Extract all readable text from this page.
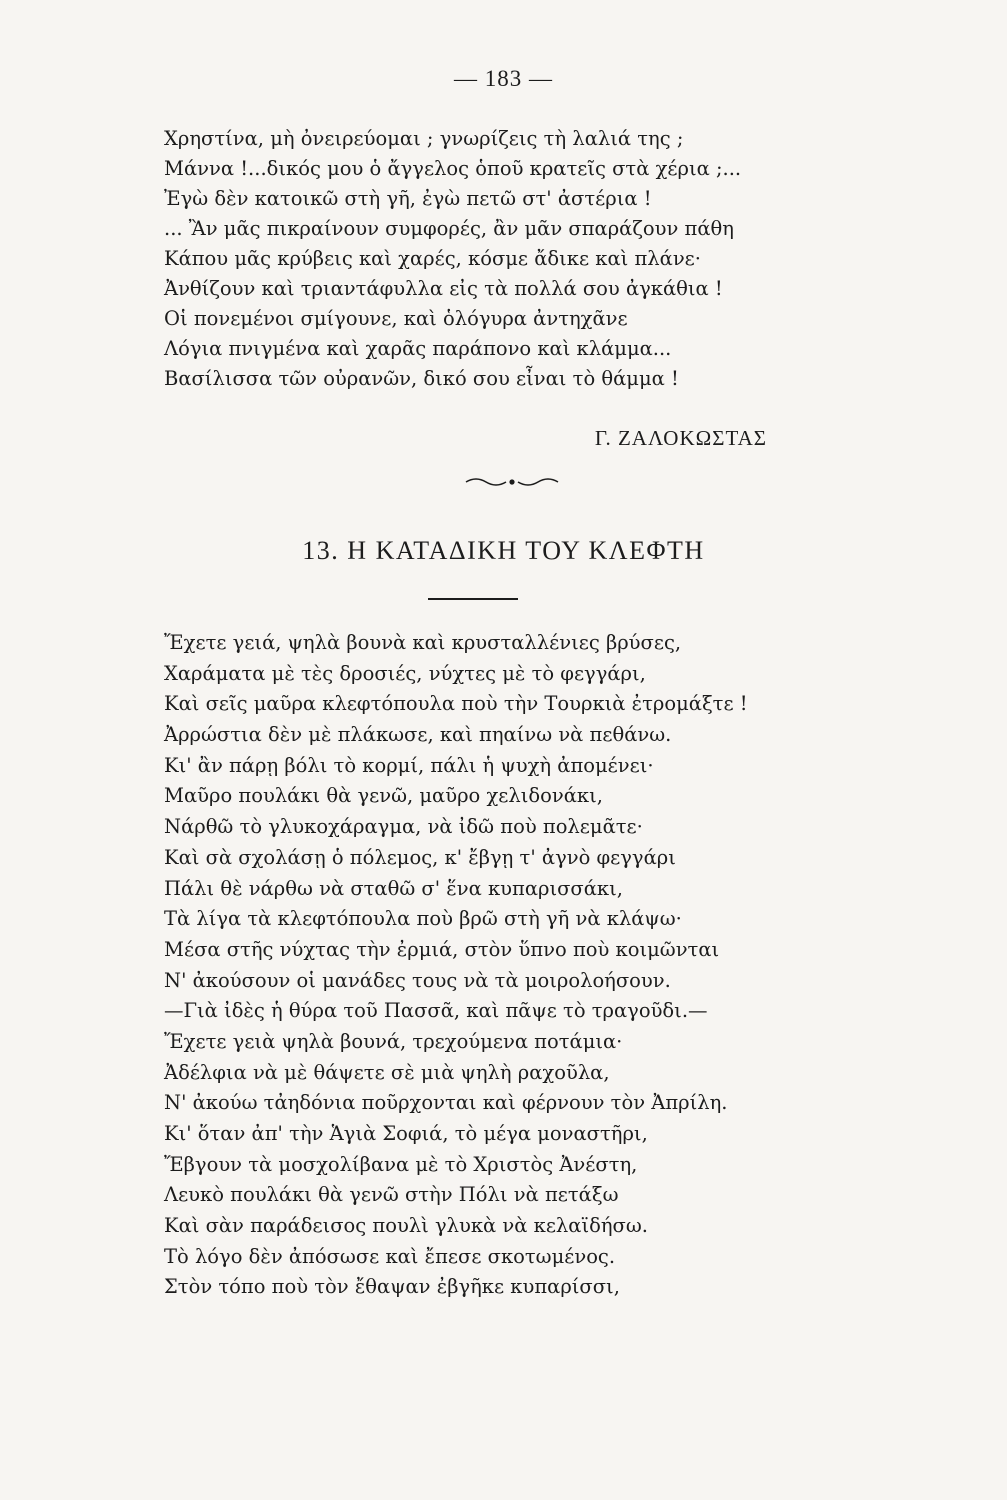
— 183 —
Χρηστίνα, μὴ ὀνειρεύομαι ; γνωρίζεις τὴ λαλιά της ;
Μάννα !...δικός μου ὁ ἄγγελος ὁποῦ κρατεῖς στὰ χέρια ;...
Ἐγὼ δὲν κατοικῶ στὴ γῆ, ἐγὼ πετῶ στ' ἀστέρια !
... Ἂν μᾶς πικραίνουν συμφορές, ἂν μᾶν σπαράζουν πάθη
Κάπου μᾶς κρύβεις καὶ χαρές, κόσμε ἄδικε καὶ πλάνε·
Ἀνθίζουν καὶ τριαντάφυλλα εἰς τὰ πολλά σου ἀγκάθια !
Οἱ πονεμένοι σμίγουνε, καὶ ὁλόγυρα ἀντηχᾶνε
Λόγια πνιγμένα καὶ χαρᾶς παράπονο καὶ κλάμμα...
Βασίλισσα τῶν οὐρανῶν, δικό σου εἶναι τὸ θάμμα !
Γ. ΖΑΛΟΚΩΣΤΑΣ
13. Η ΚΑΤΑΔΙΚΗ ΤΟΥ ΚΛΕΦΤΗ
Ἔχετε γειά, ψηλὰ βουνὰ καὶ κρυσταλλένιες βρύσες,
Χαράματα μὲ τὲς δροσιές, νύχτες μὲ τὸ φεγγάρι,
Καὶ σεῖς μαῦρα κλεφτόπουλα ποὺ τὴν Τουρκιὰ ἐτρομάξτε !
Ἀρρώστια δὲν μὲ πλάκωσε, καὶ πηαίνω νὰ πεθάνω.
Κι' ἂν πάρῃ βόλι τὸ κορμί, πάλι ἡ ψυχὴ ἀπομένει·
Μαῦρο πουλάκι θὰ γενῶ, μαῦρο χελιδονάκι,
Νάρθῶ τὸ γλυκοχάραγμα, νὰ ἰδῶ ποὺ πολεμᾶτε·
Καὶ σὰ σχολάσῃ ὁ πόλεμος, κ' ἔβγῃ τ' ἀγνὸ φεγγάρι
Πάλι θὲ νάρθω νὰ σταθῶ σ' ἕνα κυπαρισσάκι,
Τὰ λίγα τὰ κλεφτόπουλα ποὺ βρῶ στὴ γῆ νὰ κλάψω·
Μέσα στῆς νύχτας τὴν ἐρμιά, στὸν ὕπνο ποὺ κοιμῶνται
Ν' ἀκούσουν οἱ μανάδες τους νὰ τὰ μοιρολοήσουν.
—Γιὰ ἰδὲς ἡ θύρα τοῦ Πασσᾶ, καὶ πᾶψε τὸ τραγοῦδι.—
Ἔχετε γειὰ ψηλὰ βουνά, τρεχούμενα ποτάμια·
Ἀδέλφια νὰ μὲ θάψετε σὲ μιὰ ψηλὴ ραχοῦλα,
Ν' ἀκούω τἀηδόνια ποῦρχονται καὶ φέρνουν τὸν Ἀπρίλη.
Κι' ὅταν ἀπ' τὴν Ἁγιὰ Σοφιά, τὸ μέγα μοναστῆρι,
Ἔβγουν τὰ μοσχολίβανα μὲ τὸ Χριστὸς Ἀνέστη,
Λευκὸ πουλάκι θὰ γενῶ στὴν Πόλι νὰ πετάξω
Καὶ σὰν παράδεισος πουλὶ γλυκὰ νὰ κελαϊδήσω.
Τὸ λόγο δὲν ἀπόσωσε καὶ ἔπεσε σκοτωμένος.
Στὸν τόπο ποὺ τὸν ἔθαψαν ἐβγῆκε κυπαρίσσι,
